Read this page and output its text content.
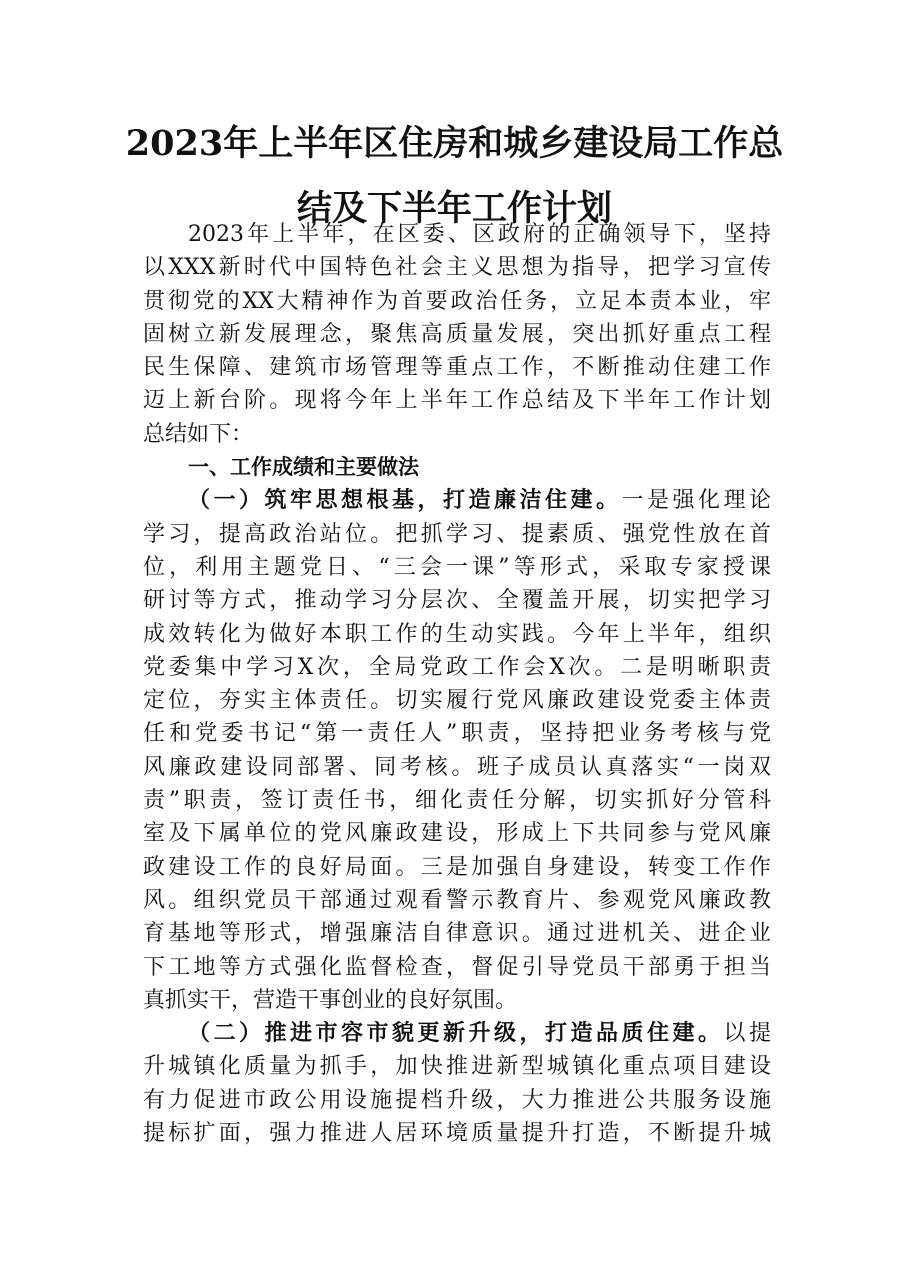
2023年上半年区住房和城乡建设局工作总
结及下半年工作计划
2023年上半年，在区委、区政府的正确领导下，坚持
以XXX新时代中国特色社会主义思想为指导，把学习宣传
贯彻党的XX大精神作为首要政治任务，立足本责本业，牢
固树立新发展理念，聚焦高质量发展，突出抓好重点工程
民生保障、建筑市场管理等重点工作，不断推动住建工作
迈上新台阶。现将今年上半年工作总结及下半年工作计划
总结如下：
一、工作成绩和主要做法
（一）筑牢思想根基，打造廉洁住建。一是强化理论
学习，提高政治站位。把抓学习、提素质、强党性放在首
位，利用主题党日、“三会一课”等形式，采取专家授课
研讨等方式，推动学习分层次、全覆盖开展，切实把学习
成效转化为做好本职工作的生动实践。今年上半年，组织
党委集中学习X次，全局党政工作会X次。二是明晰职责
定位，夯实主体责任。切实履行党风廉政建设党委主体责
任和党委书记“第一责任人”职责，坚持把业务考核与党
风廉政建设同部署、同考核。班子成员认真落实“一岗双
责”职责，签订责任书，细化责任分解，切实抓好分管科
室及下属单位的党风廉政建设，形成上下共同参与党风廉
政建设工作的良好局面。三是加强自身建设，转变工作作
风。组织党员干部通过观看警示教育片、参观党风廉政教
育基地等形式，增强廉洁自律意识。通过进机关、进企业
下工地等方式强化监督检查，督促引导党员干部勇于担当
真抓实干，营造干事创业的良好氛围。
（二）推进市容市貌更新升级，打造品质住建。以提
升城镇化质量为抓手，加快推进新型城镇化重点项目建设
有力促进市政公用设施提档升级，大力推进公共服务设施
提标扩面，强力推进人居环境质量提升打造，不断提升城
